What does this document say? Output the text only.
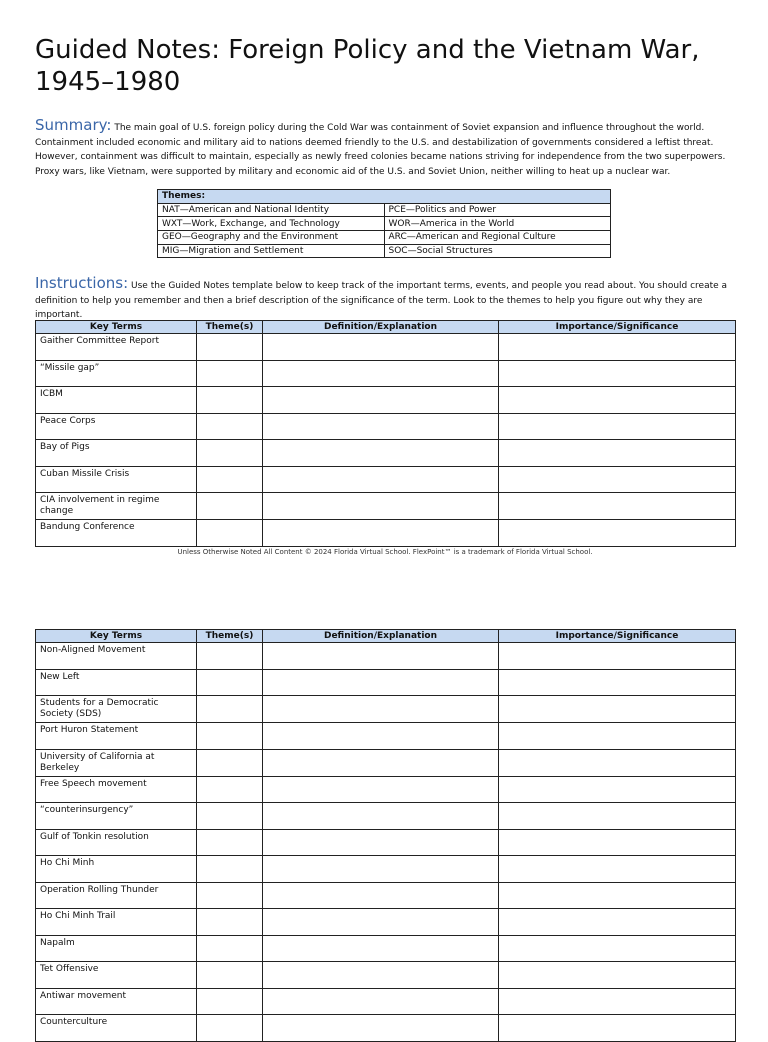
Guided Notes: Foreign Policy and the Vietnam War, 1945–1980
Summary: The main goal of U.S. foreign policy during the Cold War was containment of Soviet expansion and influence throughout the world. Containment included economic and military aid to nations deemed friendly to the U.S. and destabilization of governments considered a leftist threat. However, containment was difficult to maintain, especially as newly freed colonies became nations striving for independence from the two superpowers. Proxy wars, like Vietnam, were supported by military and economic aid of the U.S. and Soviet Union, neither willing to heat up a nuclear war.
Themes:	
NAT—American and National Identity	PCE—Politics and Power
WXT—Work, Exchange, and Technology	WOR—America in the World
GEO—Geography and the Environment	ARC—American and Regional Culture
MIG—Migration and Settlement	SOC—Social Structures
Instructions: Use the Guided Notes template below to keep track of the important terms, events, and people you read about. You should create a definition to help you remember and then a brief description of the significance of the term. Look to the themes to help you figure out why they are important.
Key Terms	Theme(s)	Definition/Explanation	Importance/Significance
Gaither Committee Report			
“Missile gap”			
ICBM			
Peace Corps			
Bay of Pigs			
Cuban Missile Crisis			
CIA involvement in regime change			
Bandung Conference			
Unless Otherwise Noted All Content © 2024 Florida Virtual School. FlexPoint™ is a trademark of Florida Virtual School.
Key Terms	Theme(s)	Definition/Explanation	Importance/Significance
Non-Aligned Movement			
New Left			
Students for a Democratic Society (SDS)			
Port Huron Statement			
University of California at Berkeley			
Free Speech movement			
“counterinsurgency”			
Gulf of Tonkin resolution			
Ho Chi Minh			
Operation Rolling Thunder			
Ho Chi Minh Trail			
Napalm			
Tet Offensive			
Antiwar movement			
Counterculture			
